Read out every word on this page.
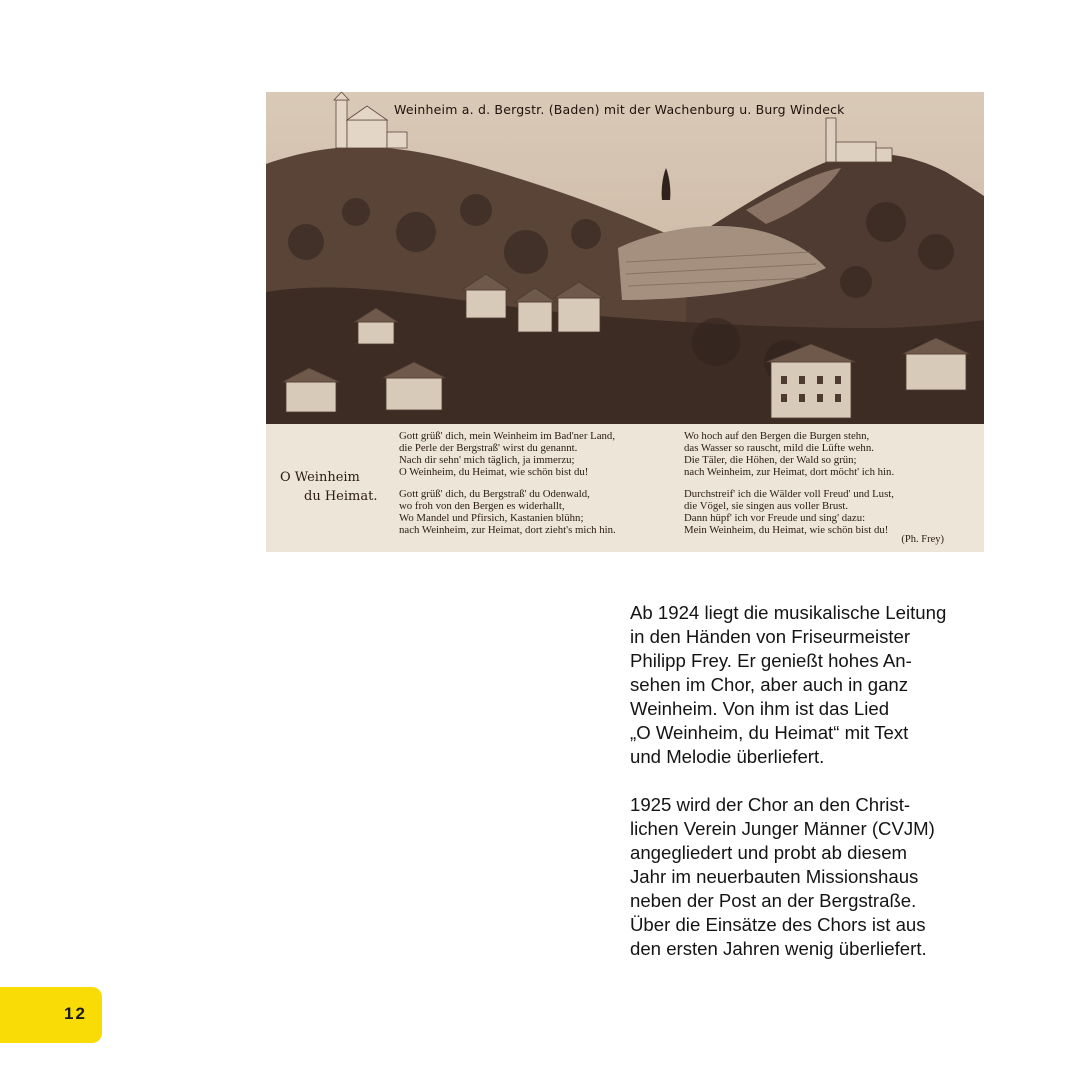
Weinheim a. d. Bergstr. (Baden) mit der Wachenburg u. Burg Windeck
O Weinheim
du Heimat.
Gott grüß' dich, mein Weinheim im Bad'ner Land,
die Perle der Bergstraß' wirst du genannt.
Nach dir sehn' mich täglich, ja immerzu;
O Weinheim, du Heimat, wie schön bist du!
Gott grüß' dich, du Bergstraß' du Odenwald,
wo froh von den Bergen es widerhallt,
Wo Mandel und Pfirsich, Kastanien blühn;
nach Weinheim, zur Heimat, dort zieht's mich hin.
Wo hoch auf den Bergen die Burgen stehn,
das Wasser so rauscht, mild die Lüfte wehn.
Die Täler, die Höhen, der Wald so grün;
nach Weinheim, zur Heimat, dort möcht' ich hin.
Durchstreif' ich die Wälder voll Freud' und Lust,
die Vögel, sie singen aus voller Brust.
Dann hüpf' ich vor Freude und sing' dazu:
Mein Weinheim, du Heimat, wie schön bist du!
(Ph. Frey)

Ab 1924 liegt die musikalische Leitung
in den Händen von Friseurmeister
Philipp Frey. Er genießt hohes An-
sehen im Chor, aber auch in ganz
Weinheim. Von ihm ist das Lied
„O Weinheim, du Heimat“ mit Text
und Melodie überliefert.

1925 wird der Chor an den Christ-
lichen Verein Junger Männer (CVJM)
angegliedert und probt ab diesem
Jahr im neuerbauten Missionshaus
neben der Post an der Bergstraße.
Über die Einsätze des Chors ist aus
den ersten Jahren wenig überliefert.

12
